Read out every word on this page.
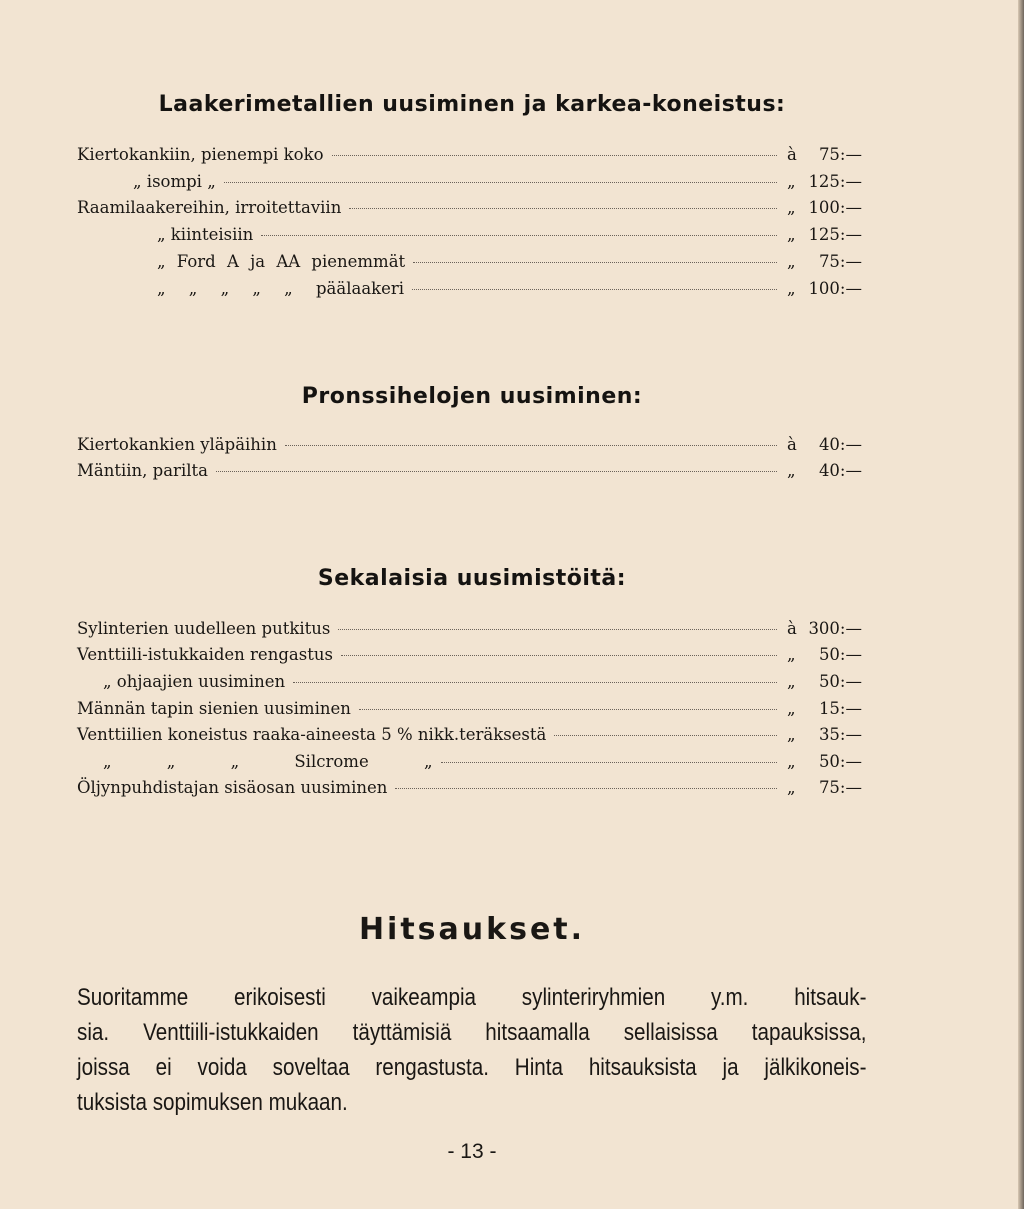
Laakerimetallien uusiminen ja karkea-koneistus:
Kiertokankiin, pienempi koko	à	75:—
„ isompi „	„ 125:—
Raamilaakereihin, irroitettaviin	„ 100:—
„ kiinteisiin	„ 125:—
„ Ford A ja AA pienemmät	„	75:—
„ „ „ „ „ päälaakeri	„ 100:—
Pronssihelojen uusiminen:
Kiertokankien yläpäihin	à	40:—
Mäntiin, parilta	„	40:—
Sekalaisia uusimistöitä:
Sylinterien uudelleen putkitus	à 300:—
Venttiili-istukkaiden rengastus	„	50:—
„ ohjaajien uusiminen	„	50:—
Männän tapin sienien uusiminen	„	15:—
Venttiilien koneistus raaka-aineesta 5 % nikk.teräksestä	„	35:—
„ „ „ Silcrome „	„	50:—
Öljynpuhdistajan sisäosan uusiminen	„	75:—
Hitsaukset.
Suoritamme erikoisesti vaikeampia sylinteriryhmien y.m. hitsauk-
sia. Venttiili-istukkaiden täyttämisiä hitsaamalla sellaisissa tapauksissa,
joissa ei voida soveltaa rengastusta. Hinta hitsauksista ja jälkikoneis-
tuksista sopimuksen mukaan.
- 13 -
